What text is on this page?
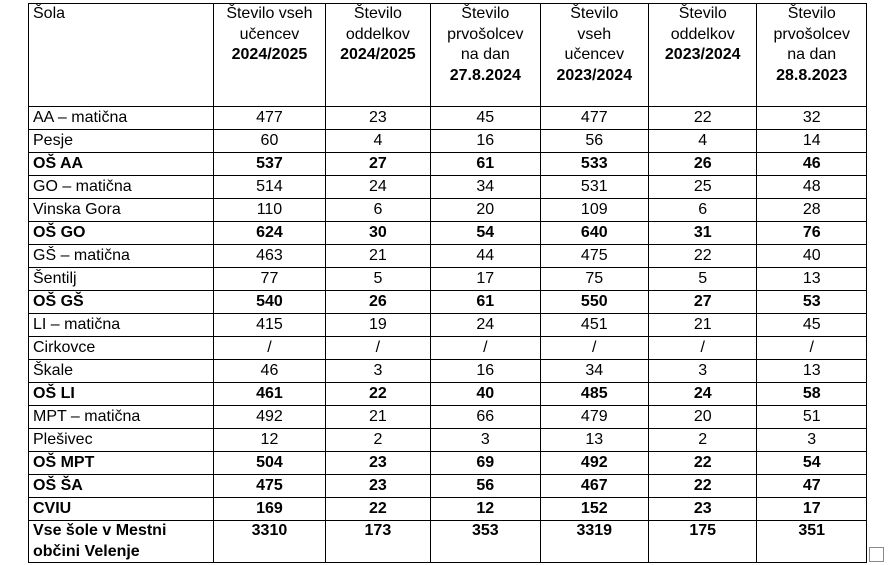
Šola	Število vseh
učencev
2024/2025	Število
oddelkov
2024/2025	Število
prvošolcev
na dan
27.8.2024	Število
vseh
učencev
2023/2024	Število
oddelkov
2023/2024	Število
prvošolcev
na dan
28.8.2023

AA – matična	477	23	45	477	22	32
Pesje	60	4	16	56	4	14
OŠ AA	537	27	61	533	26	46
GO – matična	514	24	34	531	25	48
Vinska Gora	110	6	20	109	6	28
OŠ GO	624	30	54	640	31	76
GŠ – matična	463	21	44	475	22	40
Šentilj	77	5	17	75	5	13
OŠ GŠ	540	26	61	550	27	53
LI – matična	415	19	24	451	21	45
Cirkovce	/	/	/	/	/	/
Škale	46	3	16	34	3	13
OŠ LI	461	22	40	485	24	58
MPT – matična	492	21	66	479	20	51
Plešivec	12	2	3	13	2	3
OŠ MPT	504	23	69	492	22	54
OŠ ŠA	475	23	56	467	22	47
CVIU	169	22	12	152	23	17

Vse šole v Mestni
občini Velenje	3310	173	353	3319	175	351
